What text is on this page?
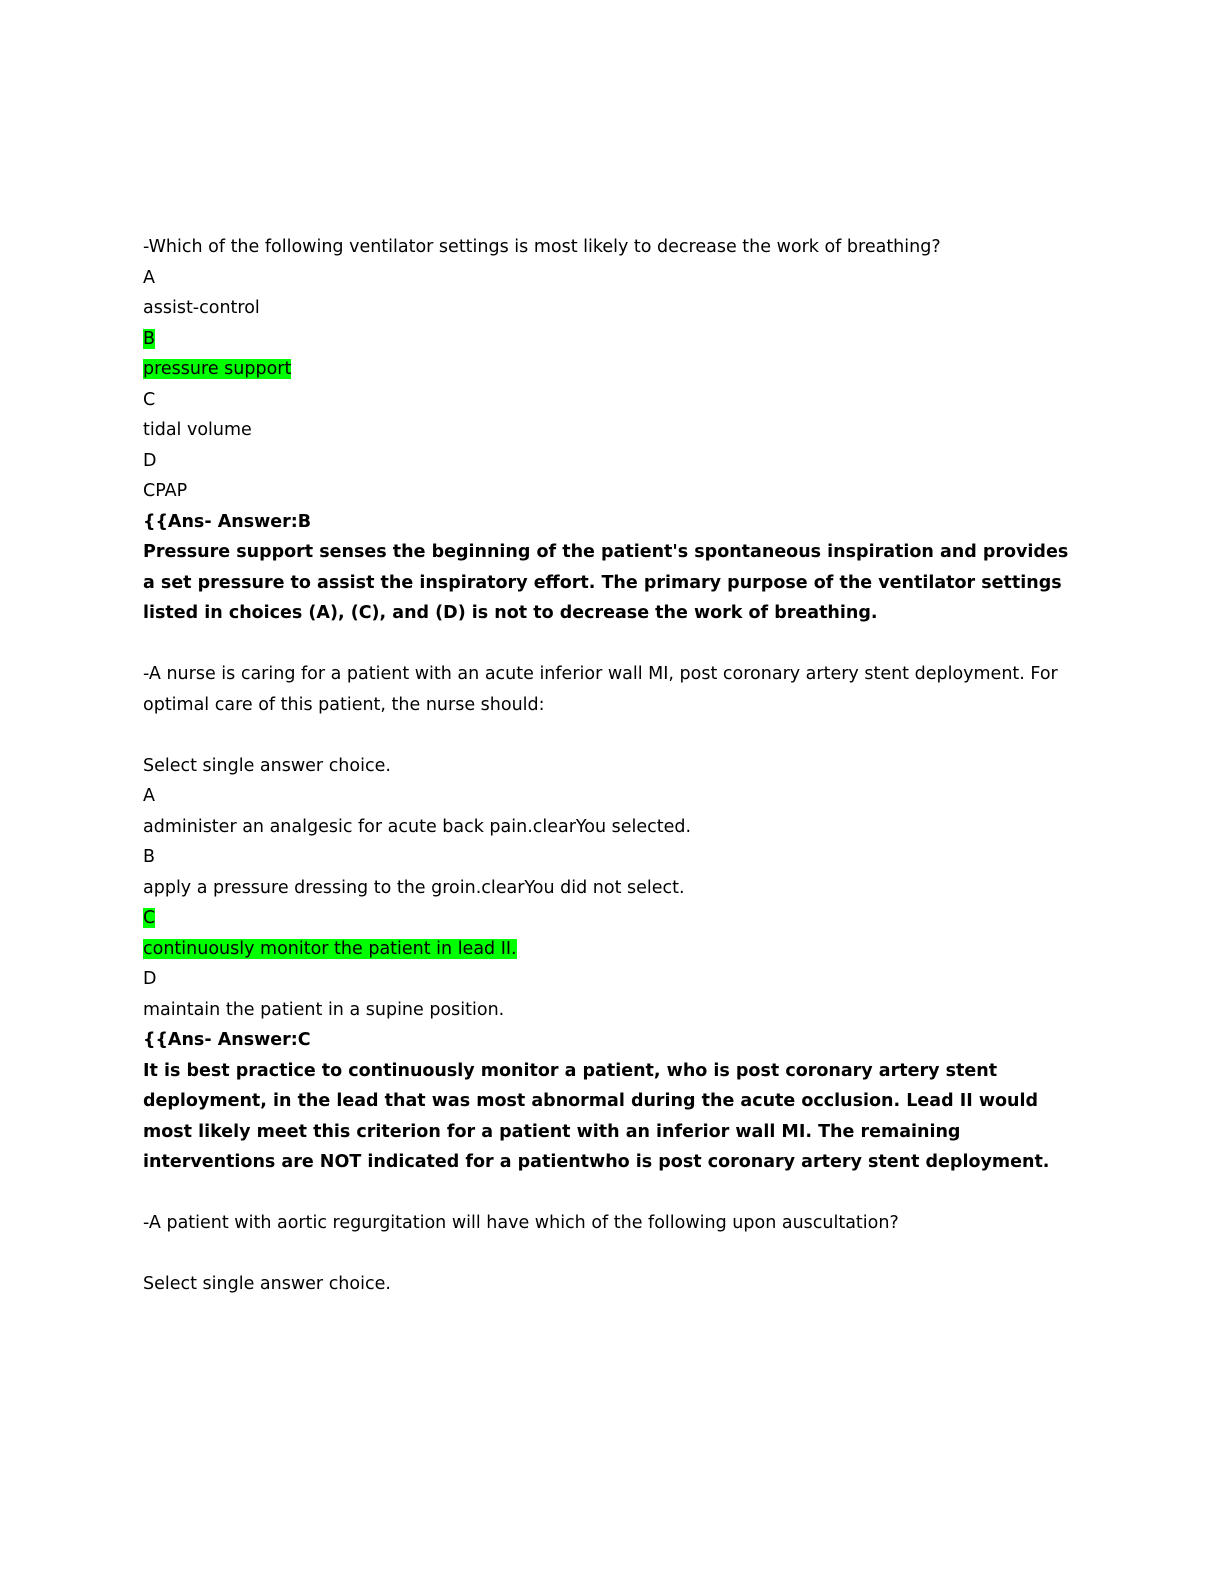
-Which of the following ventilator settings is most likely to decrease the work of breathing?
A
assist-control
B
pressure support
C
tidal volume
D
CPAP
{{Ans- Answer:B
Pressure support senses the beginning of the patient's spontaneous inspiration and provides a set pressure to assist the inspiratory effort. The primary purpose of the ventilator settings listed in choices (A), (C), and (D) is not to decrease the work of breathing.
-A nurse is caring for a patient with an acute inferior wall MI, post coronary artery stent deployment. For optimal care of this patient, the nurse should:
Select single answer choice.
A
administer an analgesic for acute back pain.clearYou selected.
B
apply a pressure dressing to the groin.clearYou did not select.
C
continuously monitor the patient in lead II.
D
maintain the patient in a supine position.
{{Ans- Answer:C
It is best practice to continuously monitor a patient, who is post coronary artery stent deployment, in the lead that was most abnormal during the acute occlusion. Lead II would most likely meet this criterion for a patient with an inferior wall MI. The remaining interventions are NOT indicated for a patientwho is post coronary artery stent deployment.
-A patient with aortic regurgitation will have which of the following upon auscultation?
Select single answer choice.
